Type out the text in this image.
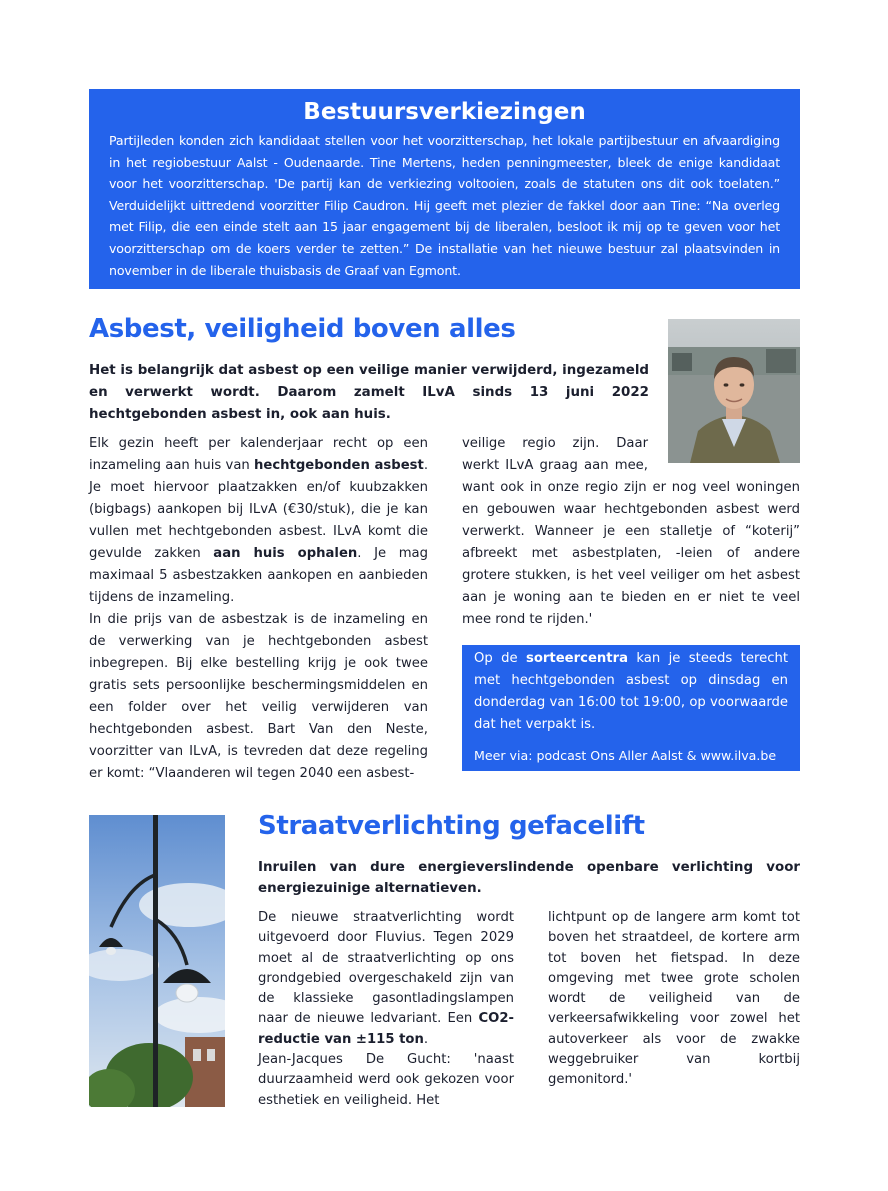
Bestuursverkiezingen

Partijleden konden zich kandidaat stellen voor het voorzitterschap, het lokale partijbestuur en afvaardiging in het regiobestuur Aalst - Oudenaarde. Tine Mertens, heden penningmeester, bleek de enige kandidaat voor het voorzitterschap. 'De partij kan de verkiezing voltooien, zoals de statuten ons dit ook toelaten.” Verduidelijkt uittredend voorzitter Filip Caudron. Hij geeft met plezier de fakkel door aan Tine: “Na overleg met Filip, die een einde stelt aan 15 jaar engagement bij de liberalen, besloot ik mij op te geven voor het voorzitterschap om de koers verder te zetten.” De installatie van het nieuwe bestuur zal plaatsvinden in november in de liberale thuisbasis de Graaf van Egmont.

Asbest, veiligheid boven alles

Het is belangrijk dat asbest op een veilige manier verwijderd, ingezameld en verwerkt wordt. Daarom zamelt ILvA sinds 13 juni 2022 hechtgebonden asbest in, ook aan huis.

Elk gezin heeft per kalenderjaar recht op een inzameling aan huis van hechtgebonden asbest. Je moet hiervoor plaatzakken en/of kuubzakken (bigbags) aankopen bij ILvA (€30/stuk), die je kan vullen met hechtgebonden asbest. ILvA komt die gevulde zakken aan huis ophalen. Je mag maximaal 5 asbestzakken aankopen en aanbieden tijdens de inzameling.

In die prijs van de asbestzak is de inzameling en de verwerking van je hechtgebonden asbest inbegrepen. Bij elke bestelling krijg je ook twee gratis sets persoonlijke beschermingsmiddelen en een folder over het veilig verwijderen van hechtgebonden asbest. Bart Van den Neste, voorzitter van ILvA, is tevreden dat deze regeling er komt: “Vlaanderen wil tegen 2040 een asbest-

veilige regio zijn. Daar werkt ILvA graag aan mee,

want ook in onze regio zijn er nog veel woningen en gebouwen waar hechtgebonden asbest werd verwerkt. Wanneer je een stalletje of “koterij” afbreekt met asbestplaten, -leien of andere grotere stukken, is het veel veiliger om het asbest aan je woning aan te bieden en er niet te veel mee rond te rijden.'

Op de sorteercentra kan je steeds terecht met hechtgebonden asbest op dinsdag en donderdag van 16:00 tot 19:00, op voorwaarde dat het verpakt is.

Meer via: podcast Ons Aller Aalst & www.ilva.be

Straatverlichting gefacelift

Inruilen van dure energieverslindende openbare verlichting voor energiezuinige alternatieven.

De nieuwe straatverlichting wordt uitgevoerd door Fluvius. Tegen 2029 moet al de straatverlichting op ons grondgebied overgeschakeld zijn van de klassieke gasontladingslampen naar de nieuwe ledvariant. Een CO2-reductie van ±115 ton.

Jean-Jacques De Gucht: 'naast duurzaamheid werd ook gekozen voor esthetiek en veiligheid. Het

lichtpunt op de langere arm komt tot boven het straatdeel, de kortere arm tot boven het fietspad. In deze omgeving met twee grote scholen wordt de veiligheid van de verkeersafwikkeling voor zowel het autoverkeer als voor de zwakke weggebruiker van kortbij gemonitord.'
